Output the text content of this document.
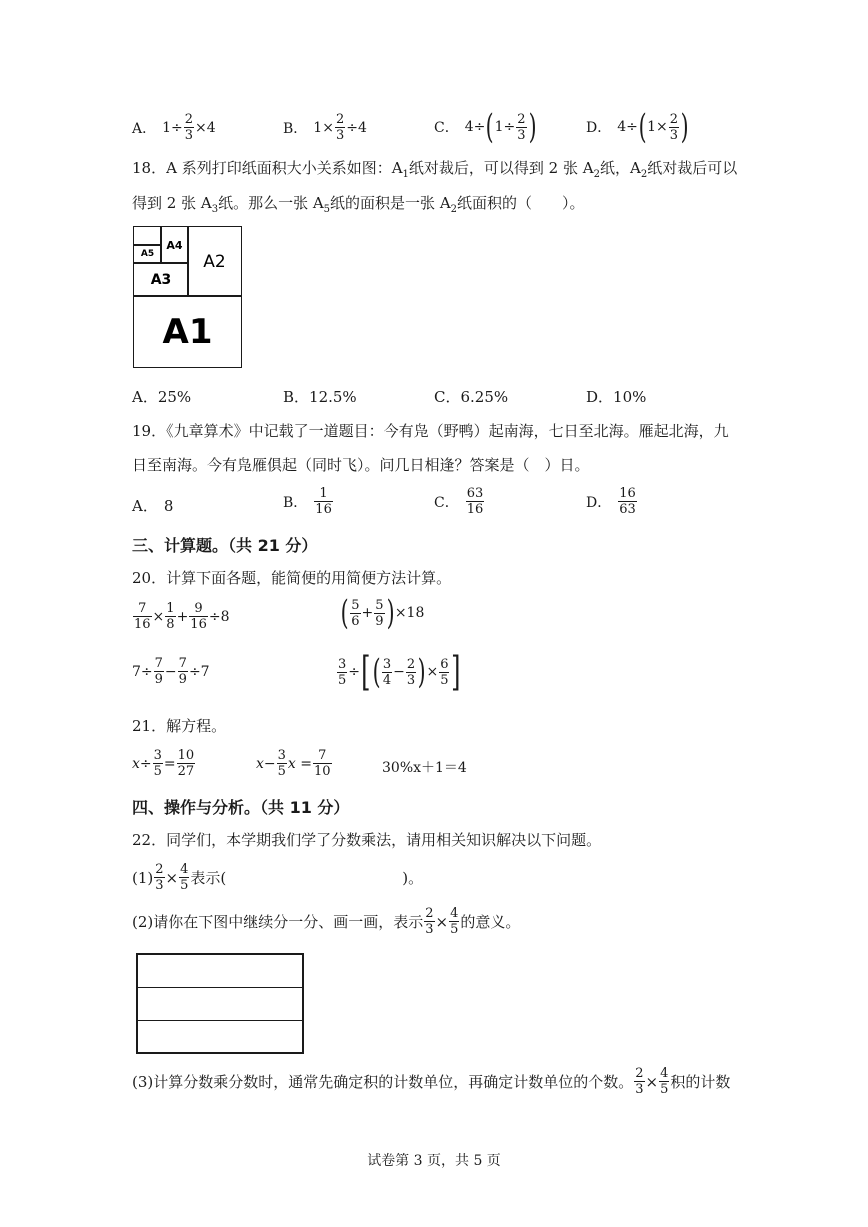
A． $1\div \frac{2}{3} \times 4$	B． $1\times \frac{2}{3} \div 4$	C． 4÷ ( $1\div \frac{2}{3}$ )	D． 4÷ ( $1\times \frac{2}{3}$ )
18．A 系列打印纸面积大小关系如图：$A_1$纸对裁后，可以得到 2 张 $A_2$纸，$A_2$纸对裁后可以
得到 2 张 $A_3$纸。那么一张 $A_5$纸的面积是一张 $A_2$纸面积的（　　）。
A1
A2
A3
A4
A5
A．25%	B．12.5%	C．6.25%	D．10%
19．《九章算术》中记载了一道题目：今有凫（野鸭）起南海，七日至北海。雁起北海，九
日至南海。今有凫雁俱起（同时飞）。问几日相逢？答案是（　）日。
A． 8	B． $\frac{1}{16}$	C． $\frac{63}{16}$	D． $\frac{16}{63}$
三、计算题。（共 21 分）
20．计算下面各题，能简便的用简便方法计算。
$\frac{7}{16} \times \frac{1}{8} + \frac{9}{16} \div 8$	( $\frac{5}{6} + \frac{5}{9}$ ) ×18
$7\div \frac{7}{9} - \frac{7}{9} \div 7$	$\frac{3}{5}$ ÷ [ ( $\frac{3}{4} - \frac{2}{3}$ ) × $\frac{6}{5}$ ]
21．解方程。
$x\div \frac{3}{5} = \frac{10}{27}$	$x- \frac{3}{5}$ $x = \frac{7}{10}$	30%x＋1＝4
四、操作与分析。（共 11 分）
22．同学们，本学期我们学了分数乘法，请用相关知识解决以下问题。
$(1) \frac{2}{3} \times \frac{4}{5}$ 表示(	)。
(2)请你在下图中继续分一分、画一画，表示 $\frac{2}{3} \times \frac{4}{5}$ 的意义。
(3)计算分数乘分数时，通常先确定积的计数单位，再确定计数单位的个数。 $\frac{2}{3} \times \frac{4}{5}$ 积的计数
试卷第 3 页，共 5 页
